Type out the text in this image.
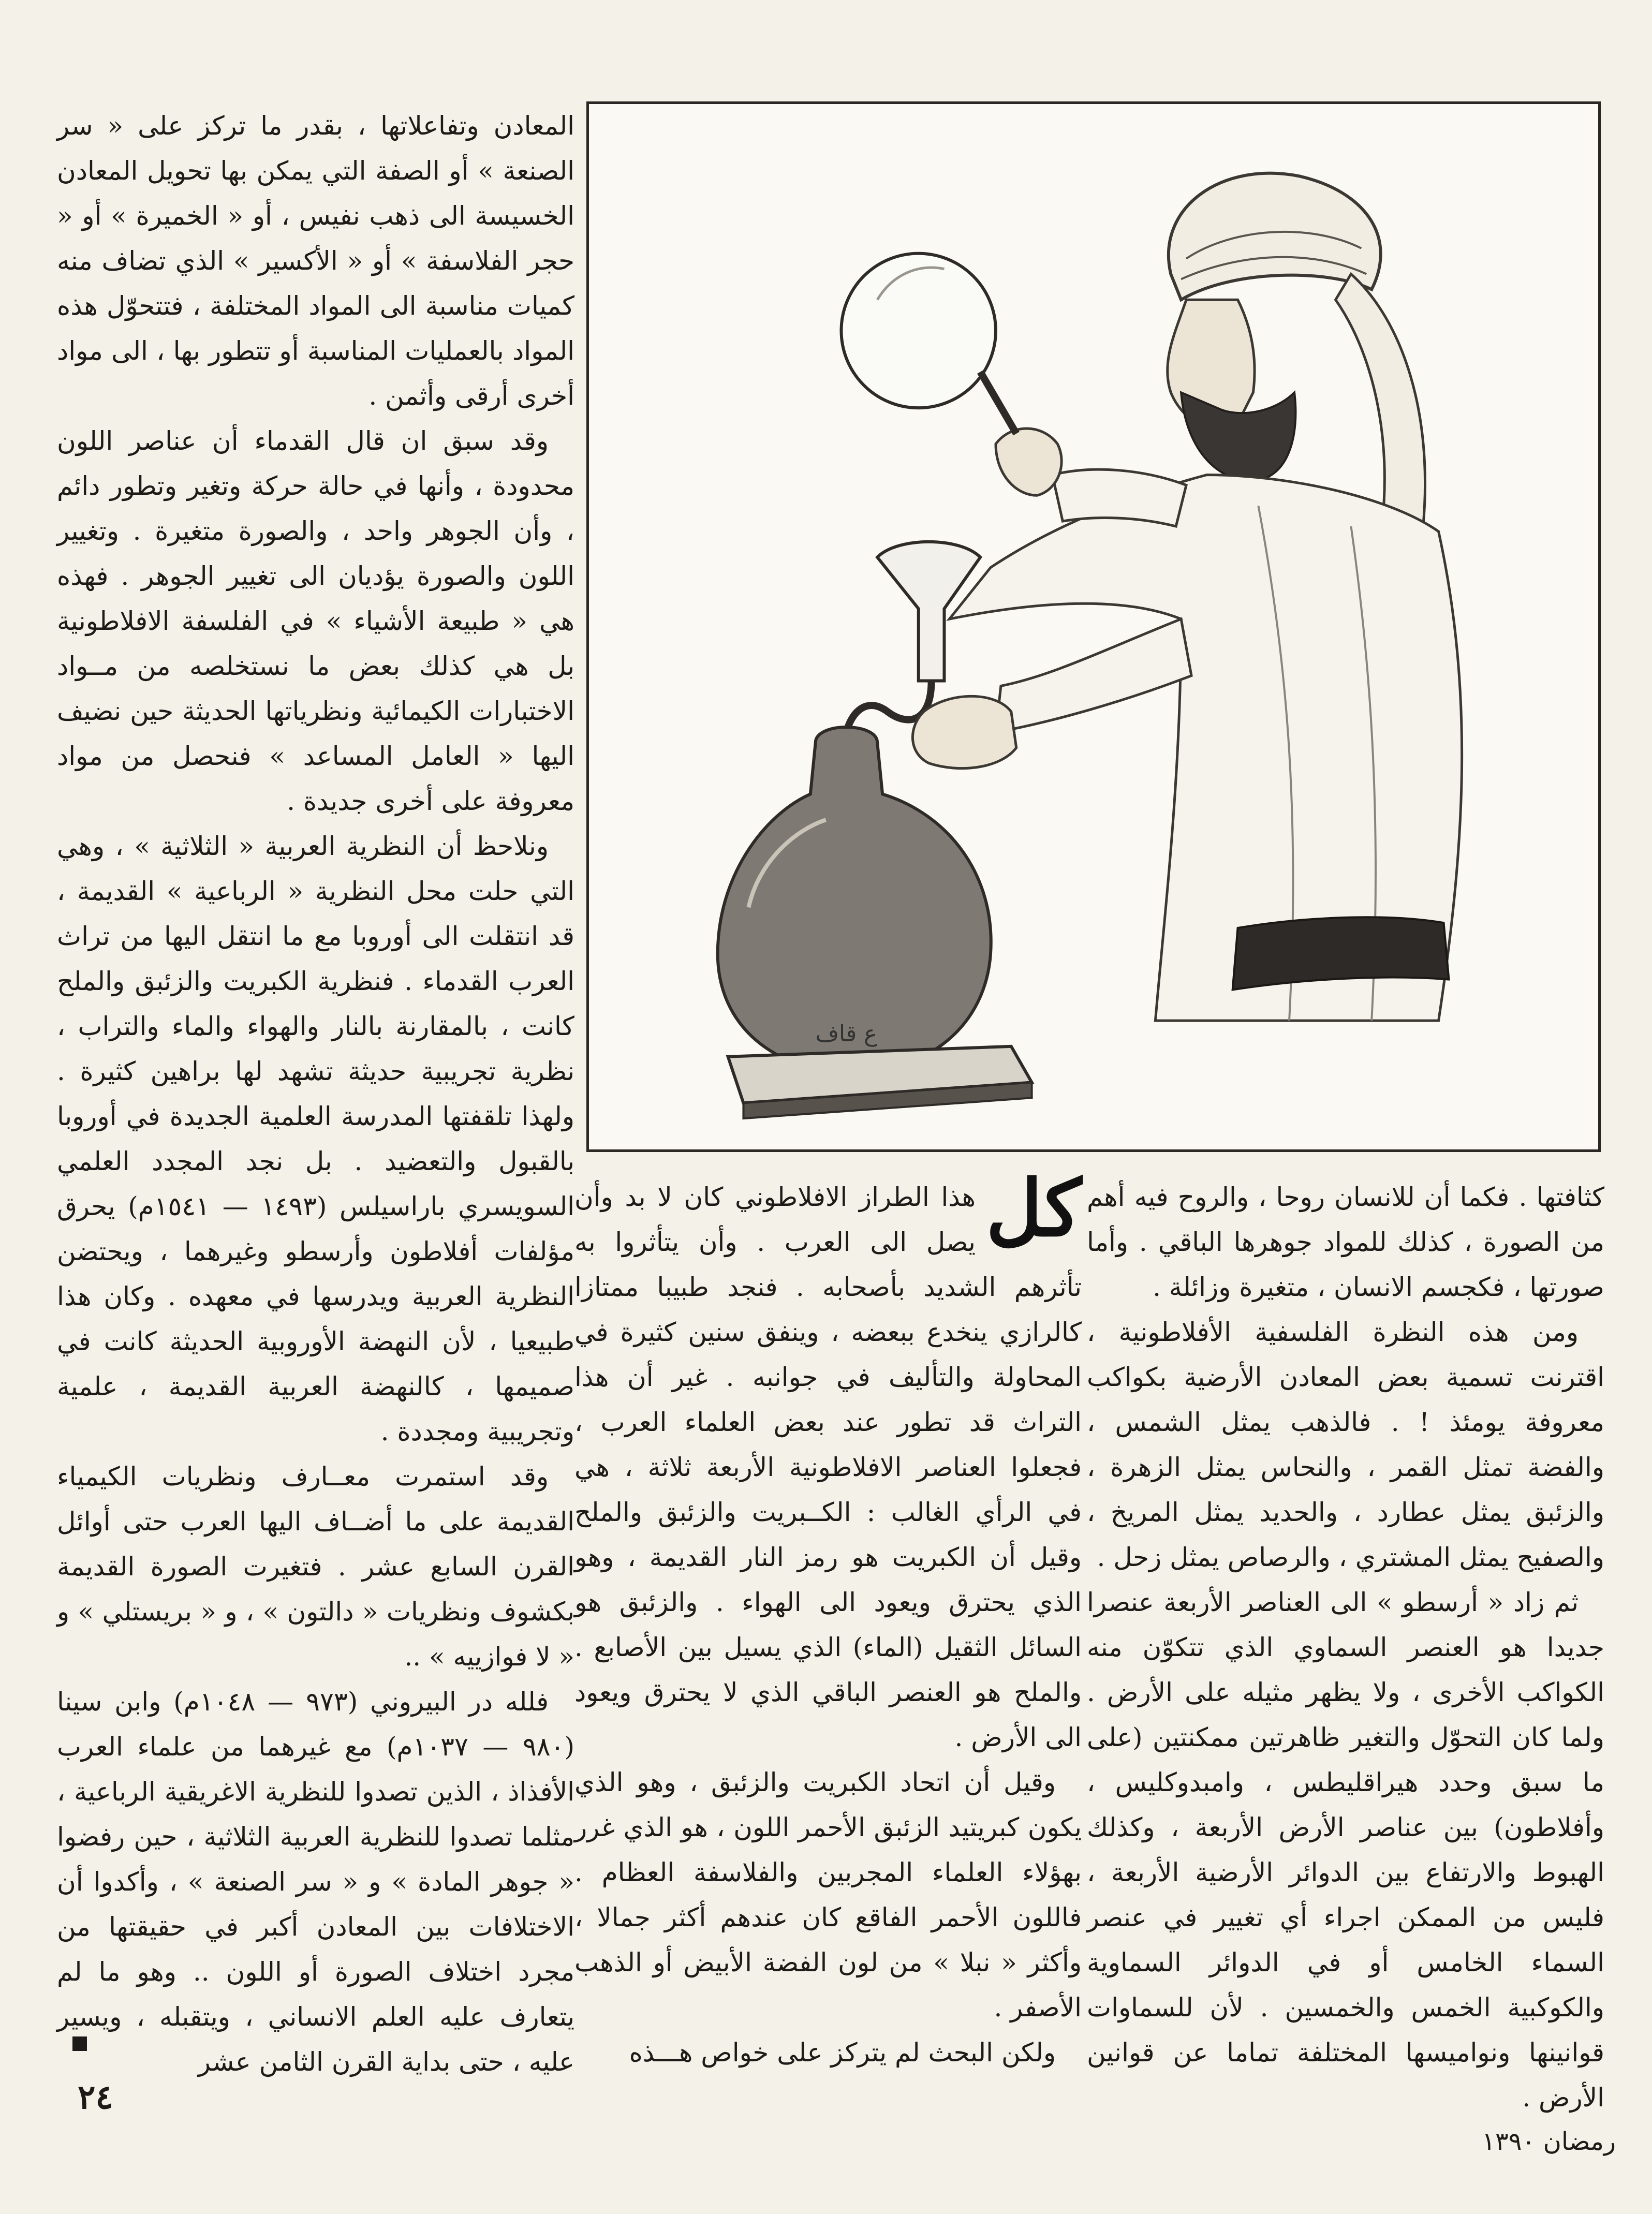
ع قاف

المعادن وتفاعلاتها ، بقدر ما تركز على « سر الصنعة » أو الصفة التي يمكن بها تحويل المعادن الخسيسة الى ذهب نفيس ، أو « الخميرة » أو « حجر الفلاسفة » أو « الأكسير » الذي تضاف منه كميات مناسبة الى المواد المختلفة ، فتتحوّل هذه المواد بالعمليات المناسبة أو تتطور بها ، الى مواد أخرى أرقى وأثمن .

وقد سبق ان قال القدماء أن عناصر اللون محدودة ، وأنها في حالة حركة وتغير وتطور دائم ، وأن الجوهر واحد ، والصورة متغيرة . وتغيير اللون والصورة يؤديان الى تغيير الجوهر . فهذه هي « طبيعة الأشياء » في الفلسفة الافلاطونية بل هي كذلك بعض ما نستخلصه من مــواد الاختبارات الكيمائية ونظرياتها الحديثة حين نضيف اليها « العامل المساعد » فنحصل من مواد معروفة على أخرى جديدة .

ونلاحظ أن النظرية العربية « الثلاثية » ، وهي التي حلت محل النظرية « الرباعية » القديمة ، قد انتقلت الى أوروبا مع ما انتقل اليها من تراث العرب القدماء . فنظرية الكبريت والزئبق والملح كانت ، بالمقارنة بالنار والهواء والماء والتراب ، نظرية تجريبية حديثة تشهد لها براهين كثيرة . ولهذا تلقفتها المدرسة العلمية الجديدة في أوروبا بالقبول والتعضيد . بل نجد المجدد العلمي السويسري باراسيلس (١٤٩٣ — ١٥٤١م) يحرق مؤلفات أفلاطون وأرسطو وغيرهما ، ويحتضن النظرية العربية ويدرسها في معهده . وكان هذا طبيعيا ، لأن النهضة الأوروبية الحديثة كانت في صميمها ، كالنهضة العربية القديمة ، علمية وتجريبية ومجددة .

وقد استمرت معــارف ونظريات الكيمياء القديمة على ما أضــاف اليها العرب حتى أوائل القرن السابع عشر . فتغيرت الصورة القديمة بكشوف ونظريات « دالتون » ، و « بريستلي » و « لا فوازييه » ..

فلله در البيروني (٩٧٣ — ١٠٤٨م) وابن سينا (٩٨٠ — ١٠٣٧م) مع غيرهما من علماء العرب الأفذاذ ، الذين تصدوا للنظرية الاغريقية الرباعية ، مثلما تصدوا للنظرية العربية الثلاثية ، حين رفضوا « جوهر المادة » و « سر الصنعة » ، وأكدوا أن الاختلافات بين المعادن أكبر في حقيقتها من مجرد اختلاف الصورة أو اللون .. وهو ما لم يتعارف عليه العلم الانساني ، ويتقبله ، ويسير عليه ، حتى بداية القرن الثامن عشر

كل
هذا الطراز الافلاطوني كان لا بد وأن يصل الى العرب . وأن يتأثروا به تأثرهم الشديد بأصحابه . فنجد طبيبا ممتازا كالرازي ينخدع ببعضه ، وينفق سنين كثيرة في المحاولة والتأليف في جوانبه . غير أن هذا التراث قد تطور عند بعض العلماء العرب ، فجعلوا العناصر الافلاطونية الأربعة ثلاثة ، هي في الرأي الغالب : الكــبريت والزئبق والملح وقيل أن الكبريت هو رمز النار القديمة ، وهو الذي يحترق ويعود الى الهواء . والزئبق هو السائل الثقيل (الماء) الذي يسيل بين الأصابع . والملح هو العنصر الباقي الذي لا يحترق ويعود الى الأرض .

وقيل أن اتحاد الكبريت والزئبق ، وهو الذي يكون كبريتيد الزئبق الأحمر اللون ، هو الذي غرر بهؤلاء العلماء المجربين والفلاسفة العظام . فاللون الأحمر الفاقع كان عندهم أكثر جمالا ، وأكثر « نبلا » من لون الفضة الأبيض أو الذهب الأصفر .

ولكن البحث لم يتركز على خواص هـــذه

كثافتها . فكما أن للانسان روحا ، والروح فيه أهم من الصورة ، كذلك للمواد جوهرها الباقي . وأما صورتها ، فكجسم الانسان ، متغيرة وزائلة .

ومن هذه النظرة الفلسفية الأفلاطونية ، اقترنت تسمية بعض المعادن الأرضية بكواكب معروفة يومئذ ! . فالذهب يمثل الشمس ، والفضة تمثل القمر ، والنحاس يمثل الزهرة ، والزئبق يمثل عطارد ، والحديد يمثل المريخ ، والصفيح يمثل المشتري ، والرصاص يمثل زحل .

ثم زاد « أرسطو » الى العناصر الأربعة عنصرا جديدا هو العنصر السماوي الذي تتكوّن منه الكواكب الأخرى ، ولا يظهر مثيله على الأرض . ولما كان التحوّل والتغير ظاهرتين ممكنتين (على ما سبق وحدد هيراقليطس ، وامبدوكليس ، وأفلاطون) بين عناصر الأرض الأربعة ، وكذلك الهبوط والارتفاع بين الدوائر الأرضية الأربعة ، فليس من الممكن اجراء أي تغيير في عنصر السماء الخامس أو في الدوائر السماوية والكوكبية الخمس والخمسين . لأن للسماوات قوانينها ونواميسها المختلفة تماما عن قوانين الأرض .

٢٤
رمضان ١٣٩٠
